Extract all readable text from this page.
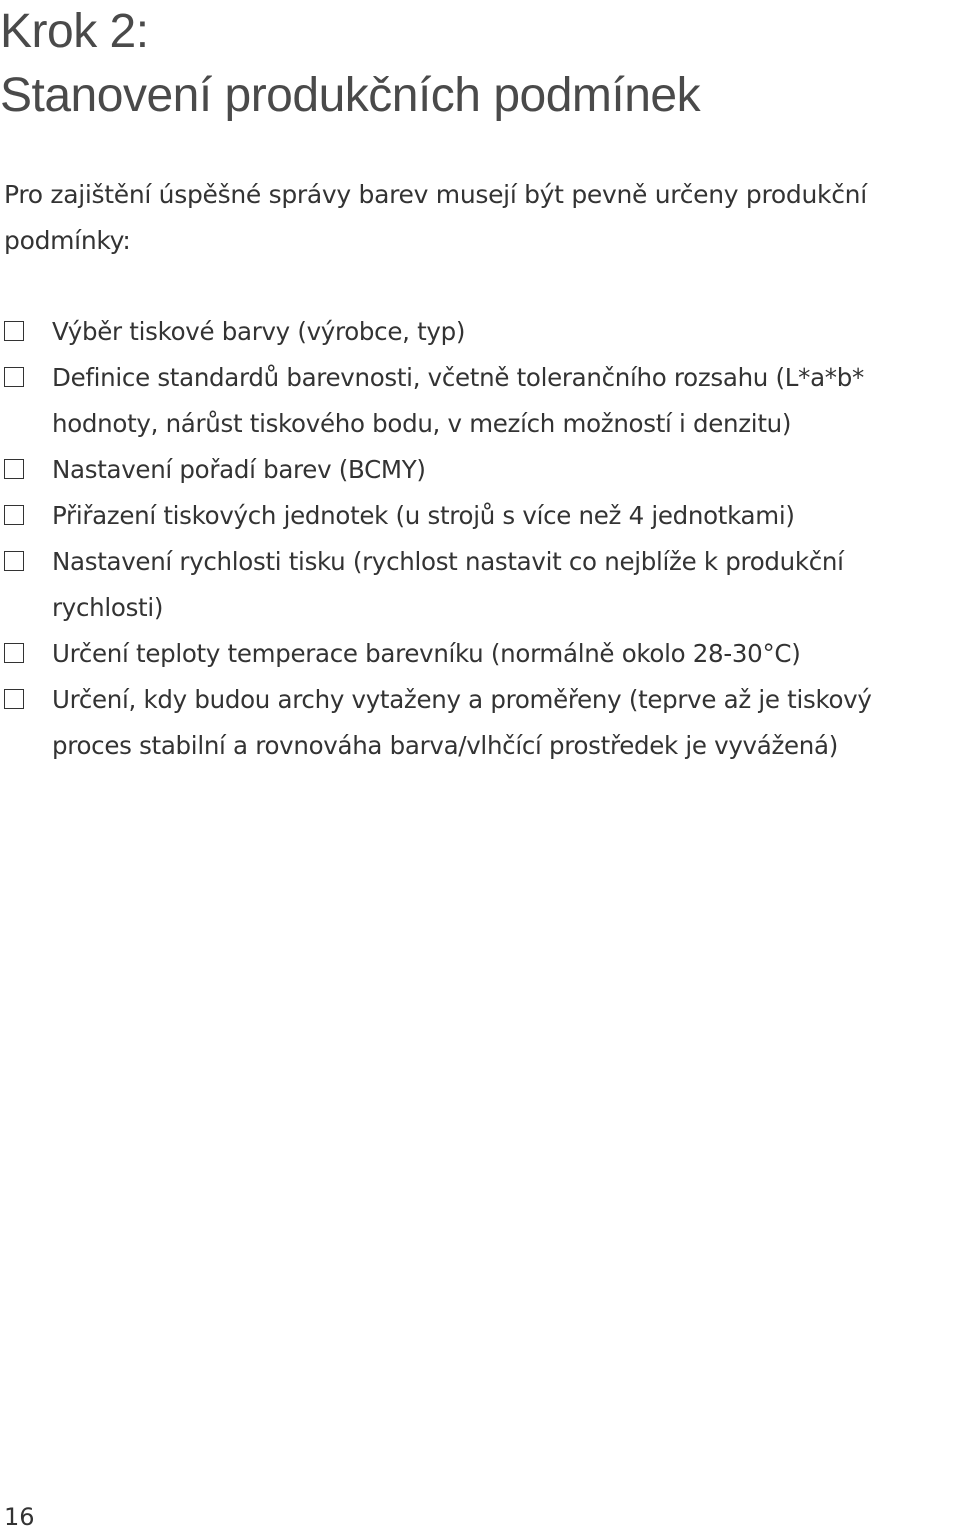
Krok 2:
Stanovení produkčních podmínek

Pro zajištění úspěšné správy barev musejí být pevně určeny produkční podmínky:

Výběr tiskové barvy (výrobce, typ)
Definice standardů barevnosti, včetně tolerančního rozsahu (L*a*b* hodnoty, nárůst tiskového bodu, v mezích možností i denzitu)
Nastavení pořadí barev (BCMY)
Přiřazení tiskových jednotek (u strojů s více než 4 jednotkami)
Nastavení rychlosti tisku (rychlost nastavit co nejblíže k produkční rychlosti)
Určení teploty temperace barevníku (normálně okolo 28-30°C)
Určení, kdy budou archy vytaženy a proměřeny (teprve až je tiskový proces stabilní a rovnováha barva/vlhčící prostředek je vyvážená)
16
